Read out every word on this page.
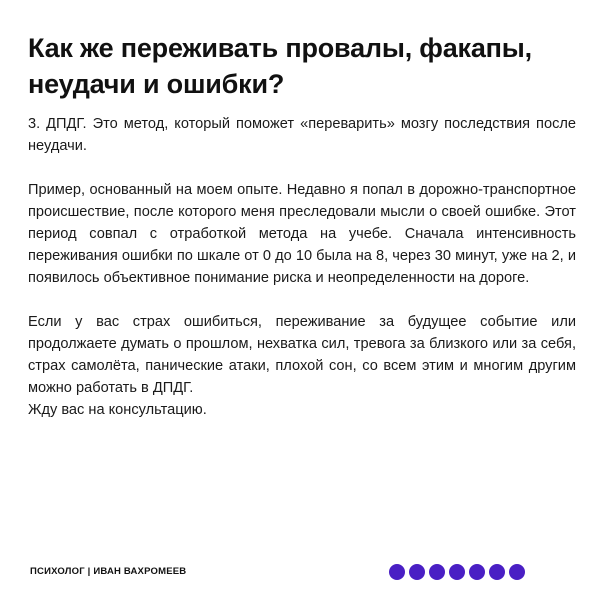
Как же переживать провалы, факапы, неудачи и ошибки?

3. ДПДГ. Это метод, который поможет «переварить» мозгу последствия после неудачи.

Пример, основанный на моем опыте. Недавно я попал в дорожно-транспортное происшествие, после которого меня преследовали мысли о своей ошибке. Этот период совпал с отработкой метода на учебе. Сначала интенсивность переживания ошибки по шкале от 0 до 10 была на 8, через 30 минут, уже на 2, и появилось объективное понимание риска и неопределенности на дороге.

Если у вас страх ошибиться, переживание за будущее событие или продолжаете думать о прошлом, нехватка сил, тревога за близкого или за себя, страх самолёта, панические атаки, плохой сон, со всем этим и многим другим можно работать в ДПДГ.

Жду вас на консультацию.

ПСИХОЛОГ | ИВАН ВАХРОМЕЕВ
